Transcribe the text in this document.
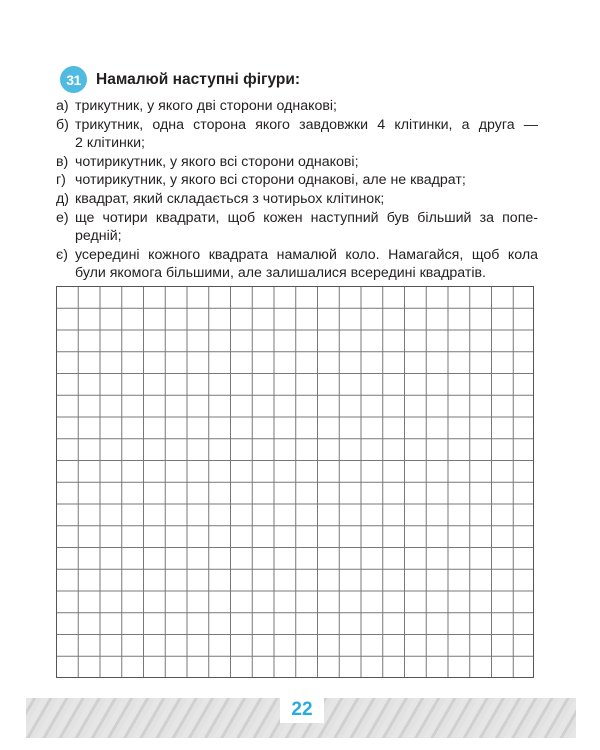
31 Намалюй наступні фігури:
а) трикутник, у якого дві сторони однакові;
б) трикутник, одна сторона якого завдовжки 4 клітинки, а друга —
2 клітинки;
в) чотирикутник, у якого всі сторони однакові;
г) чотирикутник, у якого всі сторони однакові, але не квадрат;
д) квадрат, який складається з чотирьох клітинок;
е) ще чотири квадрати, щоб кожен наступний був більший за попе-
редній;
є) усередині кожного квадрата намалюй коло. Намагайся, щоб кола
були якомога більшими, але залишалися всередині квадратів.
22
